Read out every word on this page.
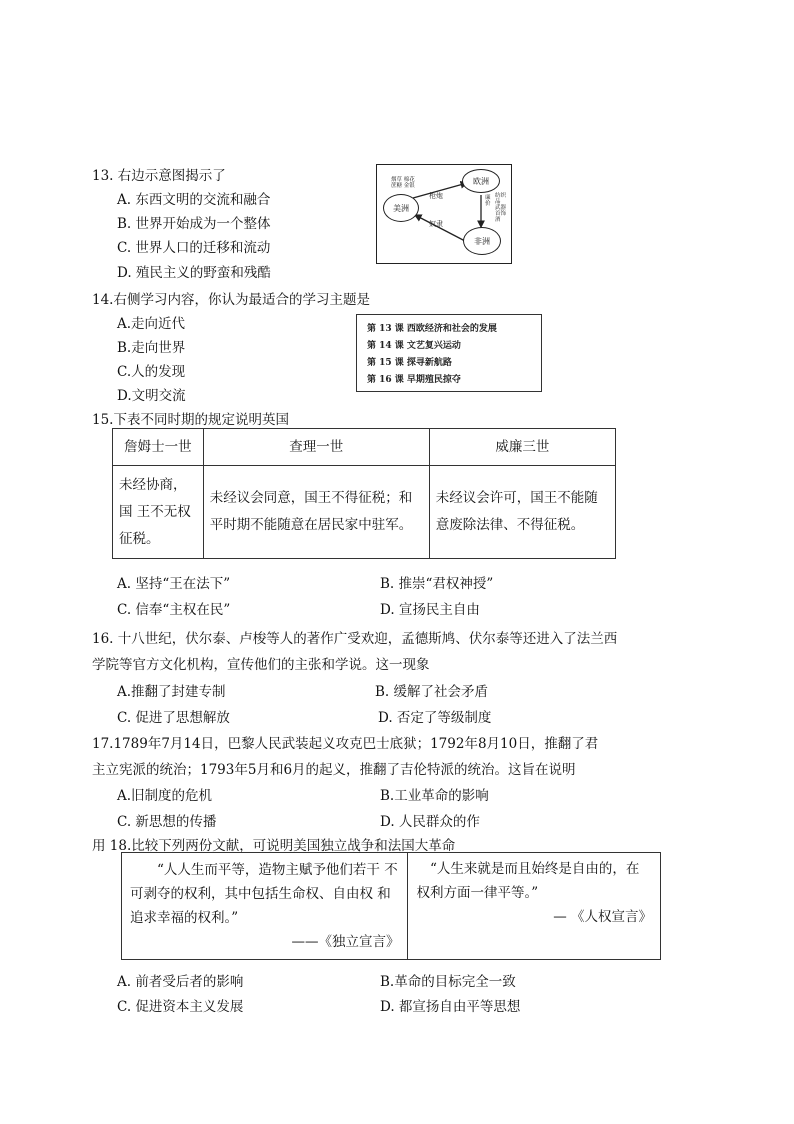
13. 右边示意图揭示了
A. 东西文明的交流和融合
B. 世界开始成为一个整体
C. 世界人口的迁移和流动
D. 殖民主义的野蛮和残酷
欧洲
美洲
非洲
烟草 棉花 蔗糖 金银
枪炮	廉价
纺织品 武器 首饰 酒
奴隶
14.右侧学习内容，你认为最适合的学习主题是
A.走向近代
B.走向世界
C.人的发现
D.文明交流
第 13 课 西欧经济和社会的发展
第 14 课 文艺复兴运动
第 15 课 探寻新航路
第 16 课 早期殖民掠夺
15.下表不同时期的规定说明英国
詹姆士一世	查理一世	威廉三世
未经协商，国 王不无权征税。	未经议会同意，国王不得征税；和 平时期不能随意在居民家中驻军。	未经议会许可，国王不能随 意废除法律、不得征税。
A. 坚持“王在法下”	B. 推崇“君权神授”
C. 信奉“主权在民”	D. 宣扬民主自由
16. 十八世纪，伏尔泰、卢梭等人的著作广受欢迎，孟德斯鸠、伏尔泰等还进入了法兰西
学院等官方文化机构，宣传他们的主张和学说。这一现象
A.推翻了封建专制	B. 缓解了社会矛盾
C. 促进了思想解放	D. 否定了等级制度
17.1789年7月14日，巴黎人民武装起义攻克巴士底狱；1792年8月10日，推翻了君
主立宪派的统治；1793年5月和6月的起义，推翻了吉伦特派的统治。这旨在说明
A.旧制度的危机	B.工业革命的影响
C. 新思想的传播	D. 人民群众的作
用 18.比较下列两份文献，可说明美国独立战争和法国大革命
“人人生而平等，造物主赋予他们若干 不可剥夺的权利，其中包括生命权、自由权 和追求幸福的权利。”
——《独立宣言》

“人生来就是而且始终是自由的，在权利方面一律平等。”
— 《人权宣言》
A. 前者受后者的影响	B.革命的目标完全一致
C. 促进资本主义发展	D. 都宣扬自由平等思想
